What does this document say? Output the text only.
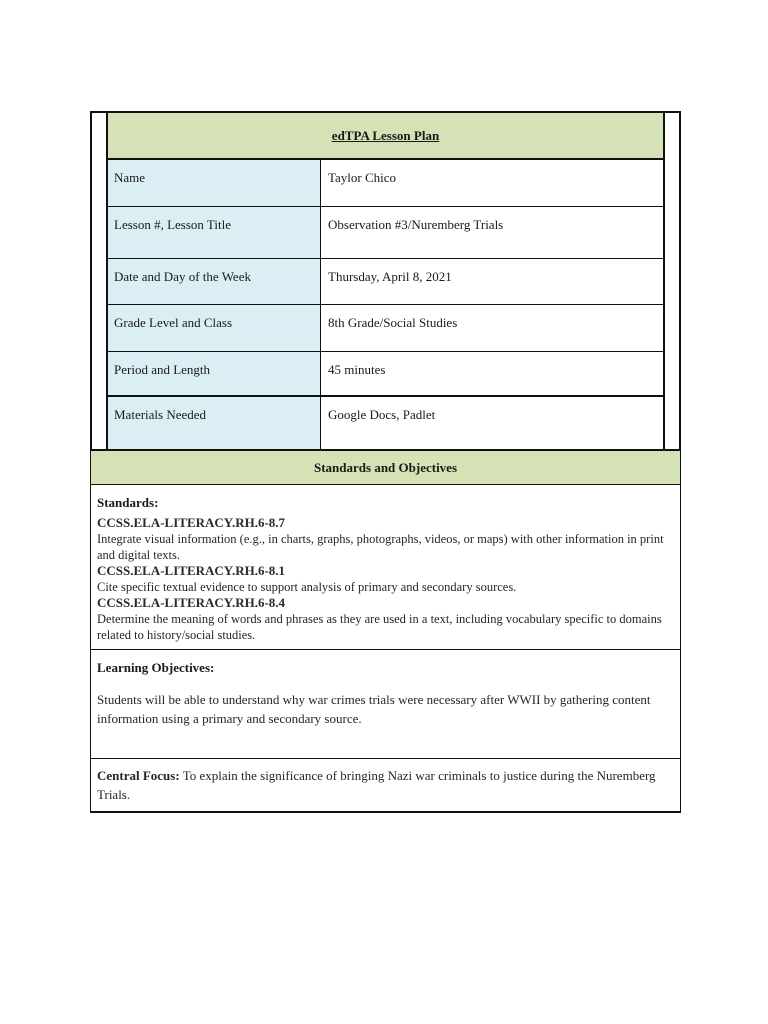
edTPA Lesson Plan
Name	Taylor Chico
Lesson #, Lesson Title	Observation #3/Nuremberg Trials
Date and Day of the Week	Thursday, April 8, 2021
Grade Level and Class	8th Grade/Social Studies
Period and Length	45 minutes
Materials Needed	Google Docs, Padlet
Standards and Objectives
Standards:
CCSS.ELA-LITERACY.RH.6-8.7
Integrate visual information (e.g., in charts, graphs, photographs, videos, or maps) with other information in print and digital texts.
CCSS.ELA-LITERACY.RH.6-8.1
Cite specific textual evidence to support analysis of primary and secondary sources.
CCSS.ELA-LITERACY.RH.6-8.4
Determine the meaning of words and phrases as they are used in a text, including vocabulary specific to domains related to history/social studies.
Learning Objectives:
Students will be able to understand why war crimes trials were necessary after WWII by gathering content information using a primary and secondary source.
Central Focus: To explain the significance of bringing Nazi war criminals to justice during the Nuremberg Trials.
